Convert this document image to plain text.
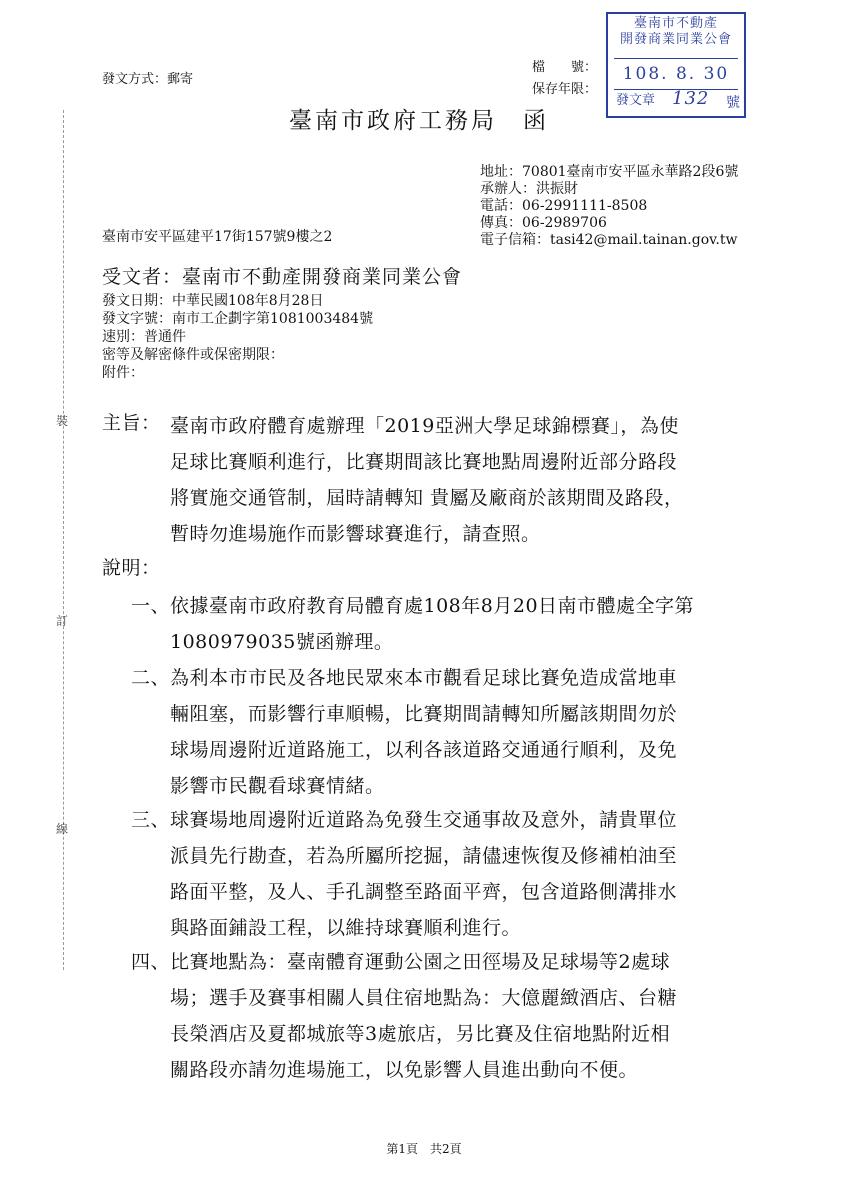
裝
訂
線
發文方式：郵寄
檔　　號：
保存年限：
臺南市不動產
開發商業同業公會
108. 8. 30
發文章 132 號
臺南市政府工務局　函
地址：70801臺南市安平區永華路2段6號
承辦人：洪振財
電話：06-2991111-8508
傳真：06-2989706
電子信箱：tasi42@mail.tainan.gov.tw
臺南市安平區建平17街157號9樓之2
受文者：臺南市不動產開發商業同業公會
發文日期：中華民國108年8月28日
發文字號：南市工企劃字第1081003484號
速別：普通件
密等及解密條件或保密期限：
附件：
主旨： 臺南市政府體育處辦理「2019亞洲大學足球錦標賽」，為使
足球比賽順利進行，比賽期間該比賽地點周邊附近部分路段
將實施交通管制，屆時請轉知 貴屬及廠商於該期間及路段，
暫時勿進場施作而影響球賽進行，請查照。
說明：
一、 依據臺南市政府教育局體育處108年8月20日南市體處全字第
1080979035號函辦理。
二、 為利本市市民及各地民眾來本市觀看足球比賽免造成當地車
輛阻塞，而影響行車順暢，比賽期間請轉知所屬該期間勿於
球場周邊附近道路施工，以利各該道路交通通行順利，及免
影響市民觀看球賽情緒。
三、 球賽場地周邊附近道路為免發生交通事故及意外，請貴單位
派員先行勘查，若為所屬所挖掘，請儘速恢復及修補柏油至
路面平整，及人、手孔調整至路面平齊，包含道路側溝排水
與路面鋪設工程，以維持球賽順利進行。
四、 比賽地點為：臺南體育運動公園之田徑場及足球場等2處球
場；選手及賽事相關人員住宿地點為：大億麗緻酒店、台糖
長榮酒店及夏都城旅等3處旅店，另比賽及住宿地點附近相
關路段亦請勿進場施工，以免影響人員進出動向不便。
第1頁　共2頁
